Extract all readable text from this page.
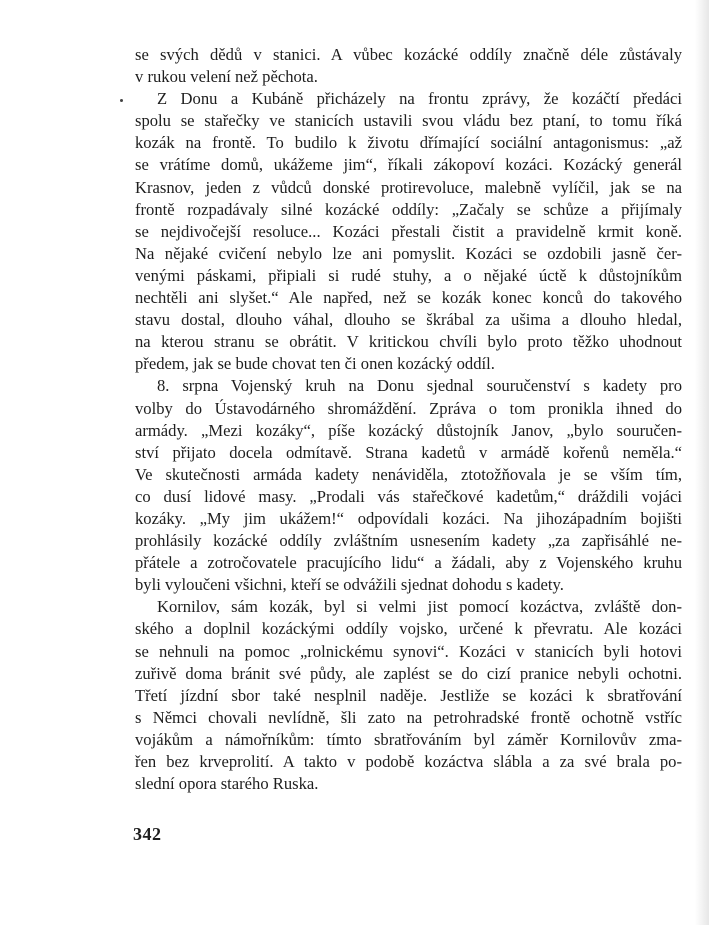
se svých dědů v stanici. A vůbec kozácké oddíly značně déle zůstávaly
v rukou velení než pěchota.
Z Donu a Kubáně přicházely na frontu zprávy, že kozáčtí předáci
spolu se stařečky ve stanicích ustavili svou vládu bez ptaní, to tomu říká
kozák na frontě. To budilo k životu dřímající sociální antagonismus: „až
se vrátíme domů, ukážeme jim“, říkali zákopoví kozáci. Kozácký generál
Krasnov, jeden z vůdců donské protirevoluce, malebně vylíčil, jak se na
frontě rozpadávaly silné kozácké oddíly: „Začaly se schůze a přijímaly
se nejdivočejší resoluce... Kozáci přestali čistit a pravidelně krmit koně.
Na nějaké cvičení nebylo lze ani pomyslit. Kozáci se ozdobili jasně čer-
venými páskami, připiali si rudé stuhy, a o nějaké úctě k důstojníkům
nechtěli ani slyšet.“ Ale napřed, než se kozák konec konců do takového
stavu dostal, dlouho váhal, dlouho se škrábal za ušima a dlouho hledal,
na kterou stranu se obrátit. V kritickou chvíli bylo proto těžko uhodnout
předem, jak se bude chovat ten či onen kozácký oddíl.
8. srpna Vojenský kruh na Donu sjednal souručenství s kadety pro
volby do Ústavodárného shromáždění. Zpráva o tom pronikla ihned do
armády. „Mezi kozáky“, píše kozácký důstojník Janov, „bylo souručen-
ství přijato docela odmítavě. Strana kadetů v armádě kořenů neměla.“
Ve skutečnosti armáda kadety nenáviděla, ztotožňovala je se vším tím,
co dusí lidové masy. „Prodali vás stařečkové kadetům,“ dráždili vojáci
kozáky. „My jim ukážem!“ odpovídali kozáci. Na jihozápadním bojišti
prohlásily kozácké oddíly zvláštním usnesením kadety „za zapřisáhlé ne-
přátele a zotročovatele pracujícího lidu“ a žádali, aby z Vojenského kruhu
byli vyloučeni všichni, kteří se odvážili sjednat dohodu s kadety.
Kornilov, sám kozák, byl si velmi jist pomocí kozáctva, zvláště don-
ského a doplnil kozáckými oddíly vojsko, určené k převratu. Ale kozáci
se nehnuli na pomoc „rolnickému synovi“. Kozáci v stanicích byli hotovi
zuřivě doma bránit své půdy, ale zaplést se do cizí pranice nebyli ochotni.
Třetí jízdní sbor také nesplnil naděje. Jestliže se kozáci k sbratřování
s Němci chovali nevlídně, šli zato na petrohradské frontě ochotně vstříc
vojákům a námořníkům: tímto sbratřováním byl záměr Kornilovův zma-
řen bez krveprolití. A takto v podobě kozáctva slábla a za své brala po-
slední opora starého Ruska.
342
